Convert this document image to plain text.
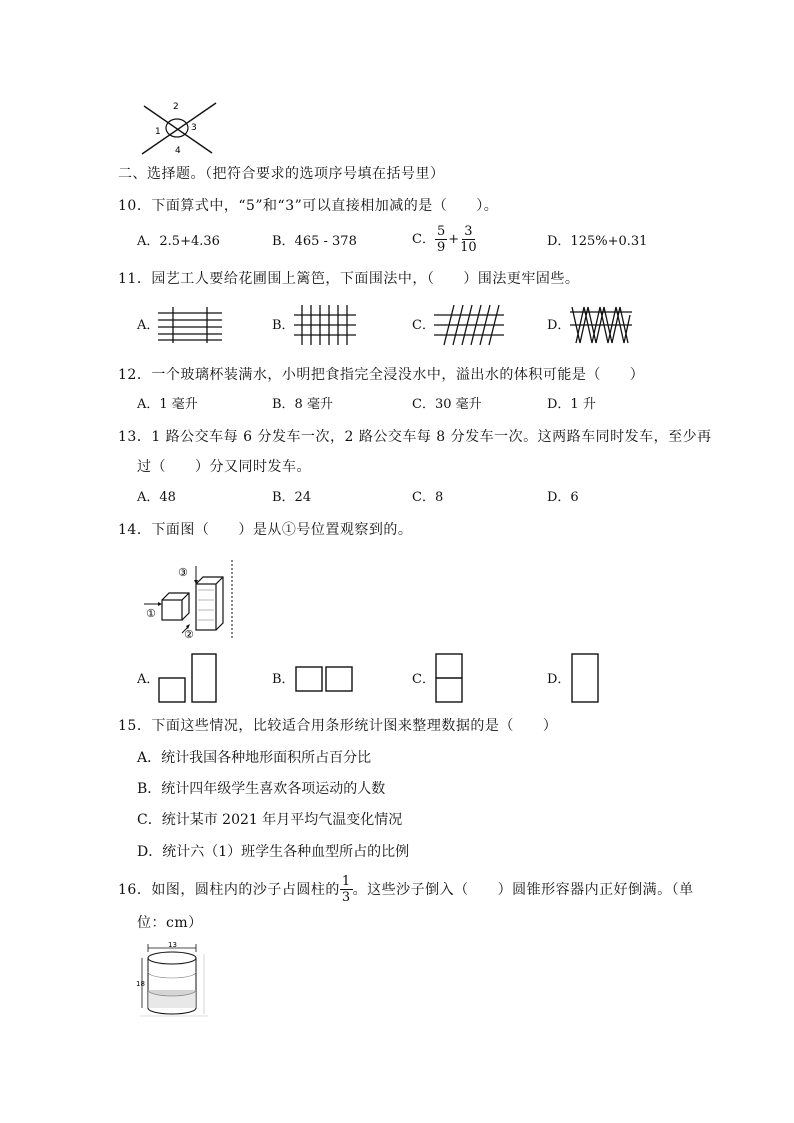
1
2
3
4
二、选择题。（把符合要求的选项序号填在括号里）
10．下面算式中，“5”和“3”可以直接相加减的是（　　）。
A．2.5+4.36	B．465 - 378	C． $\frac{5}{9} + \frac{3}{10}$	D．125%+0.31
11．园艺工人要给花圃围上篱笆，下面围法中，（　　）围法更牢固些。
A．	B．	C．	D．
12．一个玻璃杯装满水，小明把食指完全浸没水中，溢出水的体积可能是（　　）
A．1 毫升	B．8 毫升	C．30 毫升	D．1 升
13．1 路公交车每 6 分发车一次，2 路公交车每 8 分发车一次。这两路车同时发车，至少再
过（　　）分又同时发车。
A．48	B．24	C．8	D．6
14．下面图（　　）是从①号位置观察到的。
①
②
③
A．	B．	C．	D．
15．下面这些情况，比较适合用条形统计图来整理数据的是（　　）
A．统计我国各种地形面积所占百分比
B．统计四年级学生喜欢各项运动的人数
C．统计某市 2021 年月平均气温变化情况
D．统计六（1）班学生各种血型所占的比例
16．如图，圆柱内的沙子占圆柱的 $\frac{1}{3}$ 。这些沙子倒入（　　）圆锥形容器内正好倒满。（单
位：cm）
13
18
